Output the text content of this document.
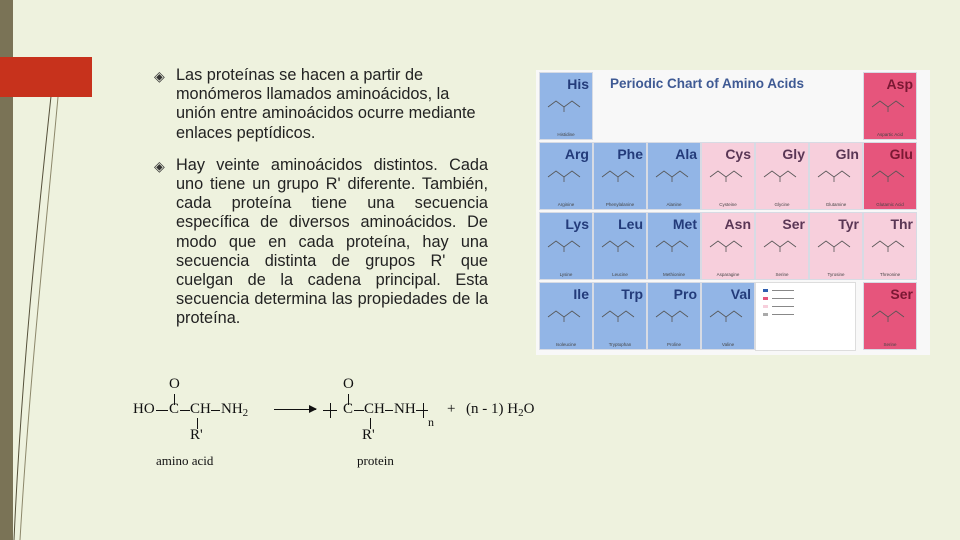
◈ Las proteínas se hacen a partir de monómeros llamados aminoácidos, la unión entre aminoácidos ocurre mediante enlaces peptídicos.
◈ Hay veinte aminoácidos distintos. Cada uno tiene un grupo R' diferente. También, cada proteína tiene una secuencia específica de diversos aminoácidos. De modo que en cada proteína, hay una secuencia distinta de grupos R' que cuelgan de la cadena principal. Esta secuencia determina las propiedades de la proteína.
Periodic Chart of Amino Acids
His
Histidine
Asp
Aspartic Acid
Arg
Arginine
Phe
Phenylalanine
Ala
Alanine
Cys
Cysteine
Gly
Glycine
Gln
Glutamine
Glu
Glutamic Acid
Lys
Lysine
Leu
Leucine
Met
Methionine
Asn
Asparagine
Ser
Serine
Tyr
Tyrosine
Thr
Threonine
Ile
Isoleucine
Trp
Tryptophan
Pro
Proline
Val
Valine
Ser
Serine
O
HO C CH $NH_2$
R'
amino acid
O
C CH NH
n
R'
protein
+ (n - 1) $H_2O$
